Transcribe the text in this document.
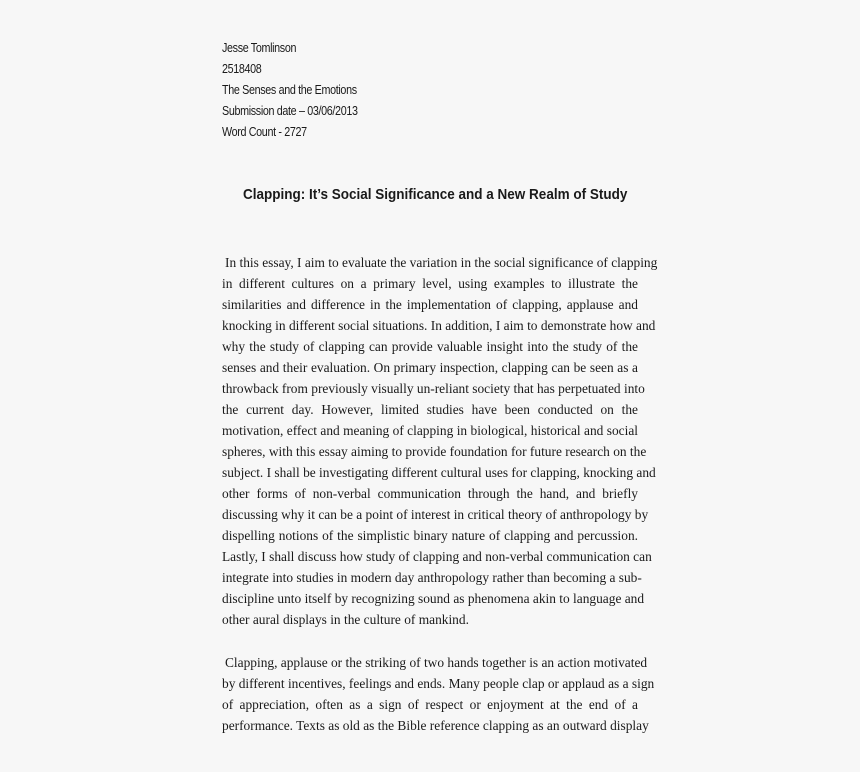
Jesse Tomlinson
2518408
The Senses and the Emotions
Submission date – 03/06/2013
Word Count - 2727
Clapping: It’s Social Significance and a New Realm of Study
In this essay, I aim to evaluate the variation in the social significance of clapping
in different cultures on a primary level, using examples to illustrate the
similarities and difference in the implementation of clapping, applause and
knocking in different social situations. In addition, I aim to demonstrate how and
why the study of clapping can provide valuable insight into the study of the
senses and their evaluation. On primary inspection, clapping can be seen as a
throwback from previously visually un-reliant society that has perpetuated into
the current day. However, limited studies have been conducted on the
motivation, effect and meaning of clapping in biological, historical and social
spheres, with this essay aiming to provide foundation for future research on the
subject. I shall be investigating different cultural uses for clapping, knocking and
other forms of non-verbal communication through the hand, and briefly
discussing why it can be a point of interest in critical theory of anthropology by
dispelling notions of the simplistic binary nature of clapping and percussion.
Lastly, I shall discuss how study of clapping and non-verbal communication can
integrate into studies in modern day anthropology rather than becoming a sub-
discipline unto itself by recognizing sound as phenomena akin to language and
other aural displays in the culture of mankind.
Clapping, applause or the striking of two hands together is an action motivated
by different incentives, feelings and ends. Many people clap or applaud as a sign
of appreciation, often as a sign of respect or enjoyment at the end of a
performance. Texts as old as the Bible reference clapping as an outward display
